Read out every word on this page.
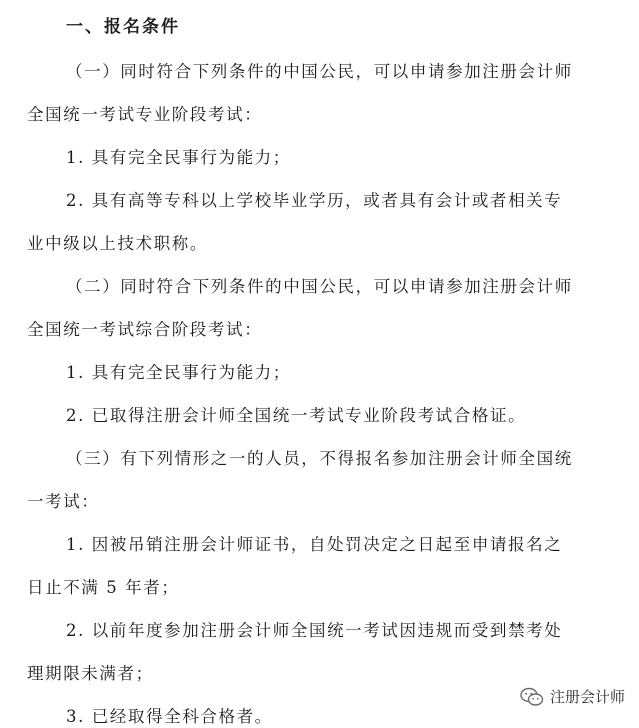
一、报名条件
（一）同时符合下列条件的中国公民，可以申请参加注册会计师
全国统一考试专业阶段考试：
1. 具有完全民事行为能力；
2. 具有高等专科以上学校毕业学历，或者具有会计或者相关专
业中级以上技术职称。
（二）同时符合下列条件的中国公民，可以申请参加注册会计师
全国统一考试综合阶段考试：
1. 具有完全民事行为能力；
2. 已取得注册会计师全国统一考试专业阶段考试合格证。
（三）有下列情形之一的人员，不得报名参加注册会计师全国统
一考试：
1. 因被吊销注册会计师证书，自处罚决定之日起至申请报名之
日止不满 5 年者；
2. 以前年度参加注册会计师全国统一考试因违规而受到禁考处
理期限未满者；
3. 已经取得全科合格者。
注册会计师
